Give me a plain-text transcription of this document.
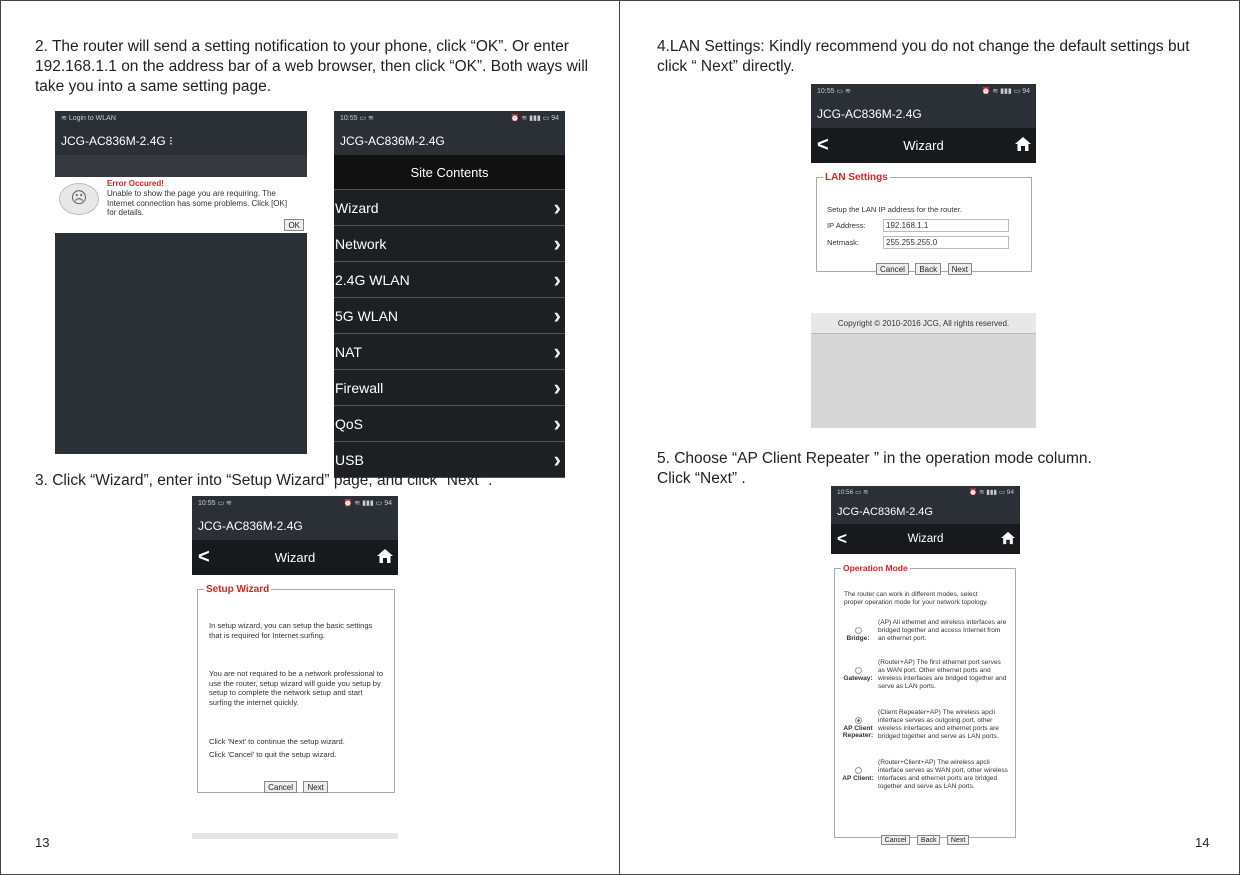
2. The router will send a setting notification to your phone, click “OK”. Or enter 192.168.1.1 on the address bar of a web browser, then click “OK”. Both ways will take you into a same setting page.
≋ Login to WLAN
JCG-AC836M-2.4G ⁝
☹
Error Occured!
Unable to show the page you are requiring. The Internet connection has some problems. Click [OK] for details.
OK
10:55 ▭ ≋	⏰ ≋ ▮▮▮ ▭ 94
JCG-AC836M-2.4G
Site Contents
Wizard	›
Network	›
2.4G WLAN	›
5G WLAN	›
NAT	›
Firewall	›
QoS	›
USB	›
3. Click “Wizard”, enter into “Setup Wizard” page, and click “Next” .
10:55 ▭ ≋	⏰ ≋ ▮▮▮ ▭ 94
JCG-AC836M-2.4G
<	Wizard
Setup Wizard
In setup wizard, you can setup the basic settings that is required for Internet surfing.
You are not required to be a network professional to use the router, setup wizard will guide you setup by setup to complete the network setup and start surfing the internet quickly.
Click 'Next' to continue the setup wizard.
Click 'Cancel' to quit the setup wizard.
Cancel Next
13
4.LAN Settings: Kindly recommend you do not change the default settings but click “ Next” directly.
10:55 ▭ ≋	⏰ ≋ ▮▮▮ ▭ 94
JCG-AC836M-2.4G
<	Wizard
LAN Settings
Setup the LAN IP address for the router.
IP Address:	192.168.1.1
Netmask:	255.255.255.0
Cancel Back Next
Copyright © 2010-2016 JCG, All rights reserved.
5. Choose “AP Client Repeater ” in the operation mode column.
Click “Next” .
10:56 ▭ ≋	⏰ ≋ ▮▮▮ ▭ 94
JCG-AC836M-2.4G
<	Wizard
Operation Mode
The router can work in different modes, select proper operation mode for your network topology.

Bridge:
(AP) All ethernet and wireless interfaces are bridged together and access Internet from an ethernet port.

Gateway:
(Router+AP) The first ethernet port serves as WAN port. Other ethernet ports and wireless interfaces are bridged together and serve as LAN ports.

AP Client Repeater:
(Client Repeater+AP) The wireless apcli interface serves as outgoing port, other wireless interfaces and ethernet ports are bridged together and serve as LAN ports.

AP Client:
(Router+Client+AP) The wireless apcli interface serves as WAN port, other wireless interfaces and ethernet ports are bridged together and serve as LAN ports.
Cancel Back Next	14
